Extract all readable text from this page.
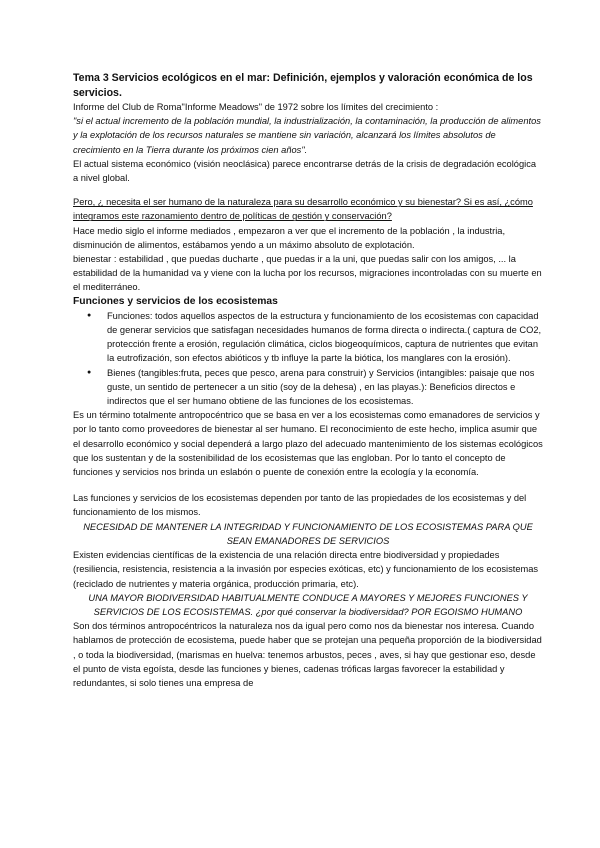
Tema 3 Servicios ecológicos en el mar: Definición, ejemplos y valoración económica de los servicios.

Informe del Club de Roma"Informe Meadows" de 1972 sobre los límites del crecimiento :

"si el actual incremento de la población mundial, la industrialización, la contaminación, la producción de alimentos y la explotación de los recursos naturales se mantiene sin variación, alcanzará los límites absolutos de crecimiento en la Tierra durante los próximos cien años".

El actual sistema económico (visión neoclásica) parece encontrarse detrás de la crisis de degradación ecológica a nivel global.

Pero, ¿ necesita el ser humano de la naturaleza para su desarrollo económico y su bienestar? Si es así, ¿cómo integramos este razonamiento dentro de políticas de gestión y conservación?

Hace medio siglo el informe mediados , empezaron a ver que el incremento de la población , la industria, disminución de alimentos, estábamos yendo a un máximo absoluto de explotación.

bienestar : estabilidad , que puedas ducharte , que puedas ir a la uni, que puedas salir con los amigos, ... la estabilidad de la humanidad va y viene con la lucha por los recursos, migraciones incontroladas con su muerte en el mediterráneo.

Funciones y servicios de los ecosistemas

● Funciones: todos aquellos aspectos de la estructura y funcionamiento de los ecosistemas con capacidad de generar servicios que satisfagan necesidades humanos de forma directa o indirecta.( captura de CO2, protección frente a erosión, regulación climática, ciclos biogeoquímicos, captura de nutrientes que evitan la eutrofización, son efectos abióticos y tb influye la parte la biótica, los manglares con la erosión).
● Bienes (tangibles:fruta, peces que pesco, arena para construir) y Servicios (intangibles: paisaje que nos guste, un sentido de pertenecer a un sitio (soy de la dehesa) , en las playas.): Beneficios directos e indirectos que el ser humano obtiene de las funciones de los ecosistemas.

Es un término totalmente antropocéntrico que se basa en ver a los ecosistemas como emanadores de servicios y por lo tanto como proveedores de bienestar al ser humano. El reconocimiento de este hecho, implica asumir que el desarrollo económico y social dependerá a largo plazo del adecuado mantenimiento de los sistemas ecológicos que los sustentan y de la sostenibilidad de los ecosistemas que las engloban. Por lo tanto el concepto de funciones y servicios nos brinda un eslabón o puente de conexión entre la ecología y la economía.

Las funciones y servicios de los ecosistemas dependen por tanto de las propiedades de los ecosistemas y del funcionamiento de los mismos.

NECESIDAD DE MANTENER LA INTEGRIDAD Y FUNCIONAMIENTO DE LOS ECOSISTEMAS PARA QUE SEAN EMANADORES DE SERVICIOS

Existen evidencias científicas de la existencia de una relación directa entre biodiversidad y propiedades (resiliencia, resistencia, resistencia a la invasión por especies exóticas, etc) y funcionamiento de los ecosistemas (reciclado de nutrientes y materia orgánica, producción primaria, etc).

UNA MAYOR BIODIVERSIDAD HABITUALMENTE CONDUCE A MAYORES Y MEJORES FUNCIONES Y SERVICIOS DE LOS ECOSISTEMAS. ¿por qué conservar la biodiversidad? POR EGOISMO HUMANO

Son dos términos antropocéntricos la naturaleza nos da igual pero como nos da bienestar nos interesa. Cuando hablamos de protección de ecosistema, puede haber que se protejan una pequeña proporción de la biodiversidad , o toda la biodiversidad, (marismas en huelva: tenemos arbustos, peces , aves, si hay que gestionar eso, desde el punto de vista egoísta, desde las funciones y bienes, cadenas tróficas largas favorecer la estabilidad y redundantes, si solo tienes una empresa de
